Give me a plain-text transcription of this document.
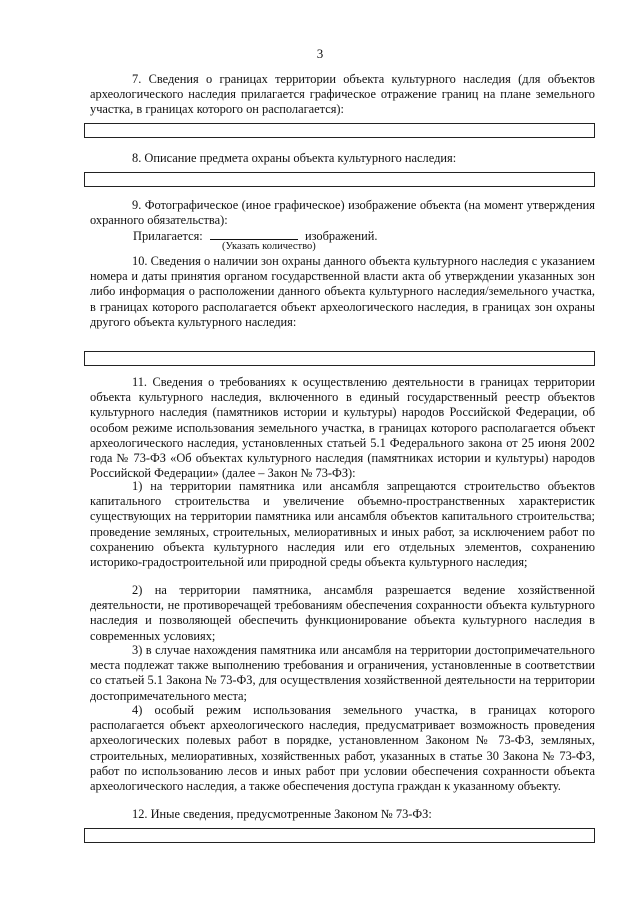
3

7. Сведения о границах территории объекта культурного наследия (для объектов археологического наследия прилагается графическое отражение границ на плане земельного участка, в границах которого он располагается):

8. Описание предмета охраны объекта культурного наследия:

9. Фотографическое (иное графическое) изображение объекта (на момент утверждения охранного обязательства):

Прилагается:	изображений.
(Указать количество)

10. Сведения о наличии зон охраны данного объекта культурного наследия с указанием номера и даты принятия органом государственной власти акта об утверждении указанных зон либо информация о расположении данного объекта культурного наследия/земельного участка, в границах которого располагается объект археологического наследия, в границах зон охраны другого объекта культурного наследия:

11. Сведения о требованиях к осуществлению деятельности в границах территории объекта культурного наследия, включенного в единый государственный реестр объектов культурного наследия (памятников истории и культуры) народов Российской Федерации, об особом режиме использования земельного участка, в границах которого располагается объект археологического наследия, установленных статьей 5.1 Федерального закона от 25 июня 2002 года № 73-ФЗ «Об объектах культурного наследия (памятниках истории и культуры) народов Российской Федерации» (далее – Закон № 73-ФЗ):

1) на территории памятника или ансамбля запрещаются строительство объектов капитального строительства и увеличение объемно-пространственных характеристик существующих на территории памятника или ансамбля объектов капитального строительства; проведение земляных, строительных, мелиоративных и иных работ, за исключением работ по сохранению объекта культурного наследия или его отдельных элементов, сохранению историко-градостроительной или природной среды объекта культурного наследия;

2) на территории памятника, ансамбля разрешается ведение хозяйственной деятельности, не противоречащей требованиям обеспечения сохранности объекта культурного наследия и позволяющей обеспечить функционирование объекта культурного наследия в современных условиях;

3) в случае нахождения памятника или ансамбля на территории достопримечательного места подлежат также выполнению требования и ограничения, установленные в соответствии со статьей 5.1 Закона № 73-ФЗ, для осуществления хозяйственной деятельности на территории достопримечательного места;

4) особый режим использования земельного участка, в границах которого располагается объект археологического наследия, предусматривает возможность проведения археологических полевых работ в порядке, установленном Законом № 73-ФЗ, земляных, строительных, мелиоративных, хозяйственных работ, указанных в статье 30 Закона № 73-ФЗ, работ по использованию лесов и иных работ при условии обеспечения сохранности объекта археологического наследия, а также обеспечения доступа граждан к указанному объекту.

12. Иные сведения, предусмотренные Законом № 73-ФЗ:
